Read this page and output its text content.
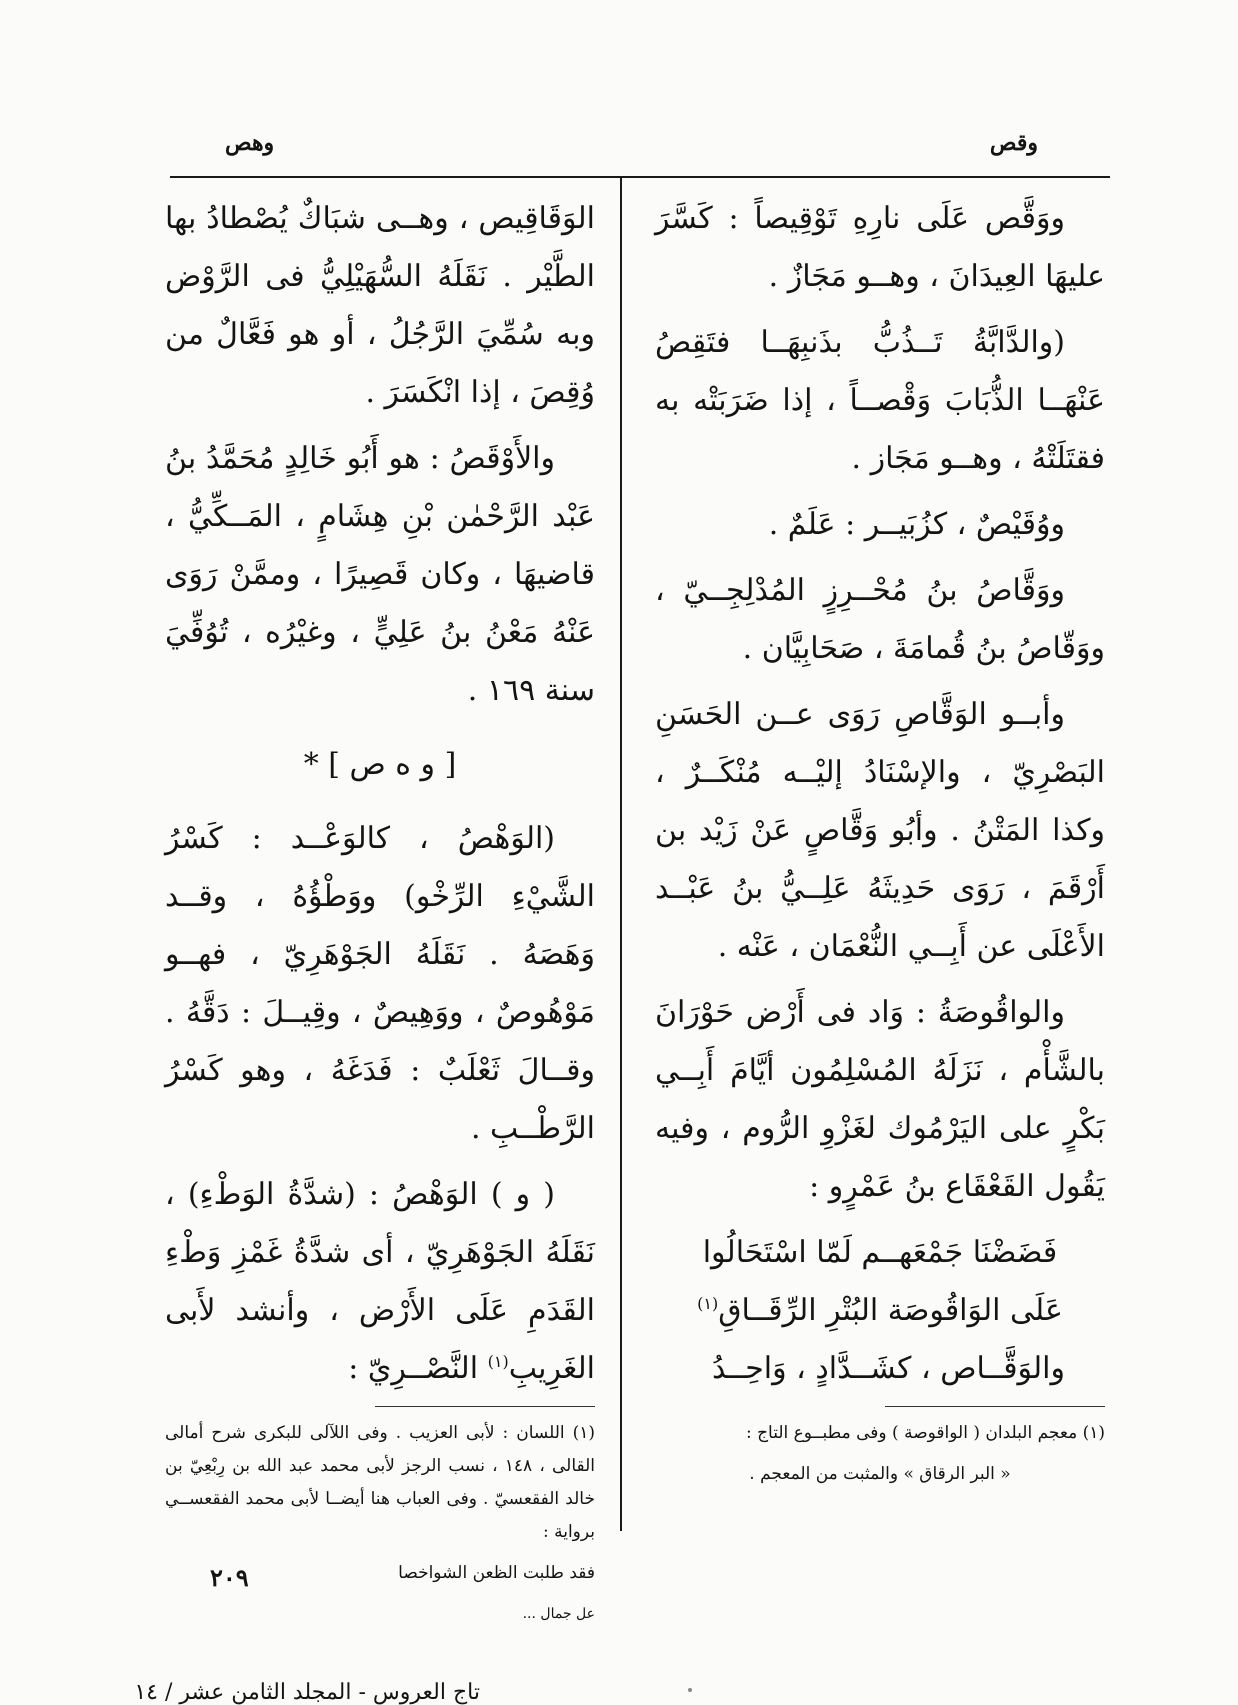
وقص
وهص

ووَقَّص عَلَى نارِهِ تَوْقِيصاً : كَسَّرَ عليهَا العِيدَانَ ، وهــو مَجَازٌ .

(والدَّابَّةُ تَــذُبُّ بذَنبِهَــا فتَقِصُ عَنْهَــا الذُّبَابَ وَقْصــاً ، إذا ضَرَبَتْه به فقتَلَتْهُ ، وهــو مَجَاز .

ووُقَيْصٌ ، كزُبَيــر : عَلَمٌ .

ووَقَّاصُ بنُ مُحْــرِزٍ المُدْلِجِــيّ ، ووَقّاصُ بنُ قُمامَةَ ، صَحَابِيَّان .

وأبــو الوَقَّاصِ رَوَى عــن الحَسَنِ البَصْرِيّ ، والإسْنَادُ إليْــه مُنْكَــرٌ ، وكذا المَتْنُ . وأبُو وَقَّاصٍ عَنْ زَيْد بن أَرْقَمَ ، رَوَى حَدِيثَهُ عَلِــيُّ بنُ عَبْــد الأَعْلَى عن أَبِــي النُّعْمَان ، عَنْه .

والواقُوصَةُ : وَاد فى أَرْض حَوْرَانَ بالشَّأْم ، نَزَلَهُ المُسْلِمُون أيَّامَ أَبِــي بَكْرٍ على اليَرْمُوك لغَزْوِ الرُّوم ، وفيه يَقُول القَعْقَاع بنُ عَمْرٍو :

فَضَضْنَا جَمْعَهــم لَمّا اسْتَحَالُوا

عَلَى الوَاقُوصَة البُتْرِ الرِّقَــاقِ$^{(١)}$

والوَقَّــاص ، كشَــدَّادٍ ، وَاحِــدُ

(١) معجم البلدان ( الواقوصة ) وفى مطبــوع التاج :

« البر الرقاق » والمثبت من المعجم .

الوَقَاقِيص ، وهــى شبَاكٌ يُصْطادُ بها الطَّيْر . نَقَلَهُ السُّهَيْلِيُّ فى الرَّوْض وبه سُمِّيَ الرَّجُلُ ، أو هو فَعَّالٌ من وُقِصَ ، إذا انْكَسَرَ .

والأَوْقَصُ : هو أَبُو خَالِدٍ مُحَمَّدُ بنُ عَبْد الرَّحْمٰن بْنِ هِشَامٍ ، المَــكِّيُّ ، قاضيهَا ، وكان قَصِيرًا ، وممَّنْ رَوَى عَنْهُ مَعْنُ بنُ عَلِيٍّ ، وغيْرُه ، تُوُفِّيَ سنة ١٦٩ .

[ و ه ص ] *

(الوَهْصُ ، كالوَعْــد : كَسْرُ الشَّيْءِ الرِّخْو) ووَطْؤُهُ ، وقــد وَهَصَهُ . نَقَلَهُ الجَوْهَرِيّ ، فهــو مَوْهُوصٌ ، ووَهِيصٌ ، وقِيــلَ : دَقَّهُ . وقــالَ ثَعْلَبٌ : فَدَغَهُ ، وهو كَسْرُ الرَّطْــبِ .

( و ) الوَهْصُ : (شدَّةُ الوَطْءِ) ، نَقَلَهُ الجَوْهَرِيّ ، أى شدَّةُ غَمْزِ وَطْءِ القَدَمِ عَلَى الأَرْض ، وأنشد لأَبى الغَرِيبِ$^{(١)}$ النَّصْــرِيّ :

(١) اللسان : لأبى العزيب . وفى اللآلى للبكرى شرح أمالى القالى ، ١٤٨ ، نسب الرجز لأبى محمد عبد الله بن رِبْعِيّ بن خالد الفقعسيّ . وفى العباب هنا أيضــا لأبى محمد الفقعســي برواية :

فقد طلبت الظعن الشواخصا

عل جمال ...

٢٠٩
تاج العروس - المجلد الثامن عشر / ١٤
